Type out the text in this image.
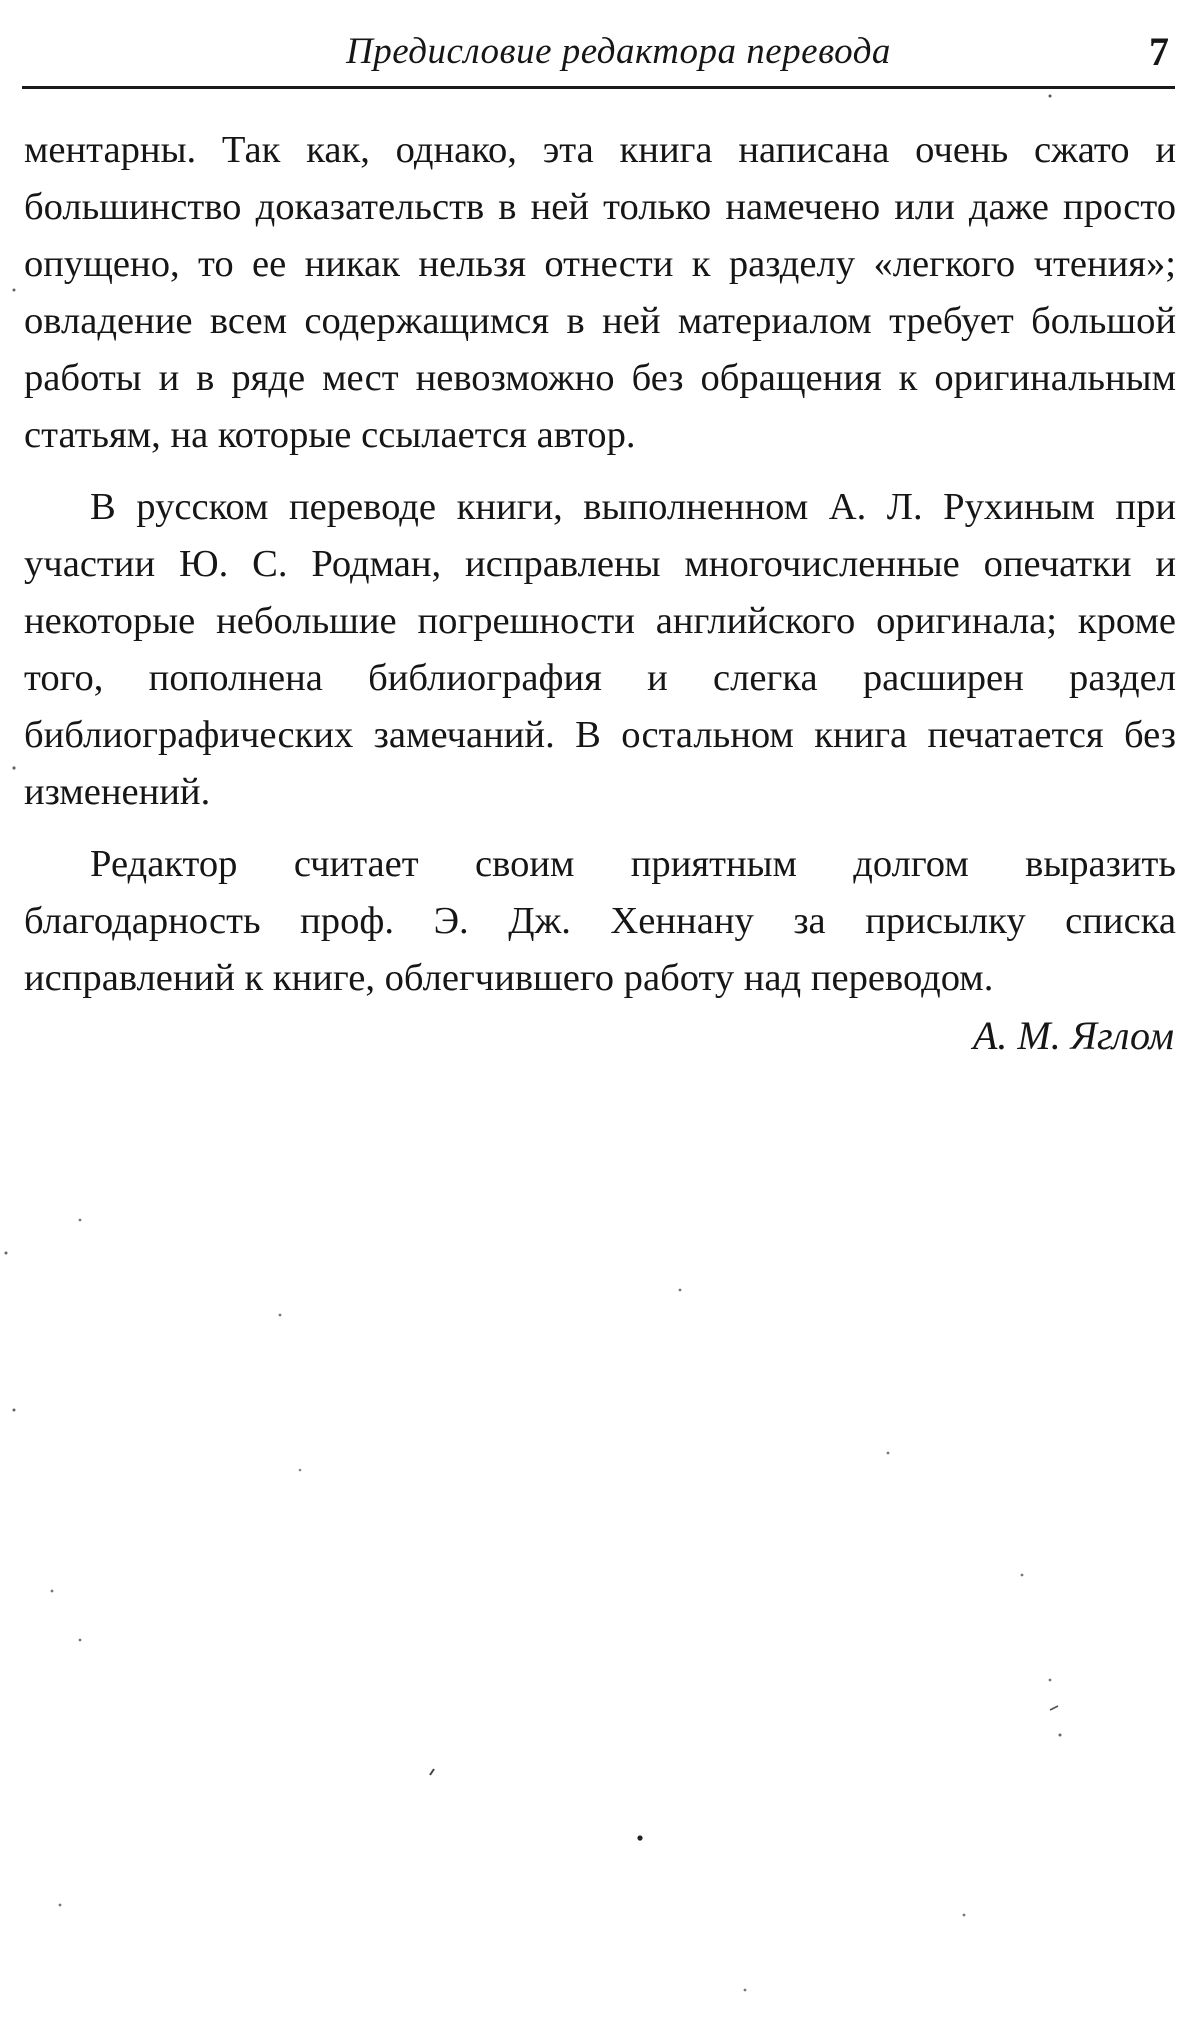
Предисловие редактора перевода	7

ментарны. Так как, однако, эта книга написана очень сжато и большинство доказательств в ней только намечено или даже просто опущено, то ее никак нельзя отнести к разделу «легкого чтения»; овладение всем содержащимся в ней материалом требует большой работы и в ряде мест невозможно без обращения к оригинальным статьям, на которые ссылается автор.

В русском переводе книги, выполненном А. Л. Рухиным при участии Ю. С. Родман, исправлены многочисленные опечатки и некоторые небольшие погрешности английского оригинала; кроме того, пополнена библиография и слегка расширен раздел библиографических замечаний. В остальном книга печатается без изменений.

Редактор считает своим приятным долгом выразить благодарность проф. Э. Дж. Хеннану за присылку списка исправлений к книге, облегчившего работу над переводом.

А. М. Яглом
